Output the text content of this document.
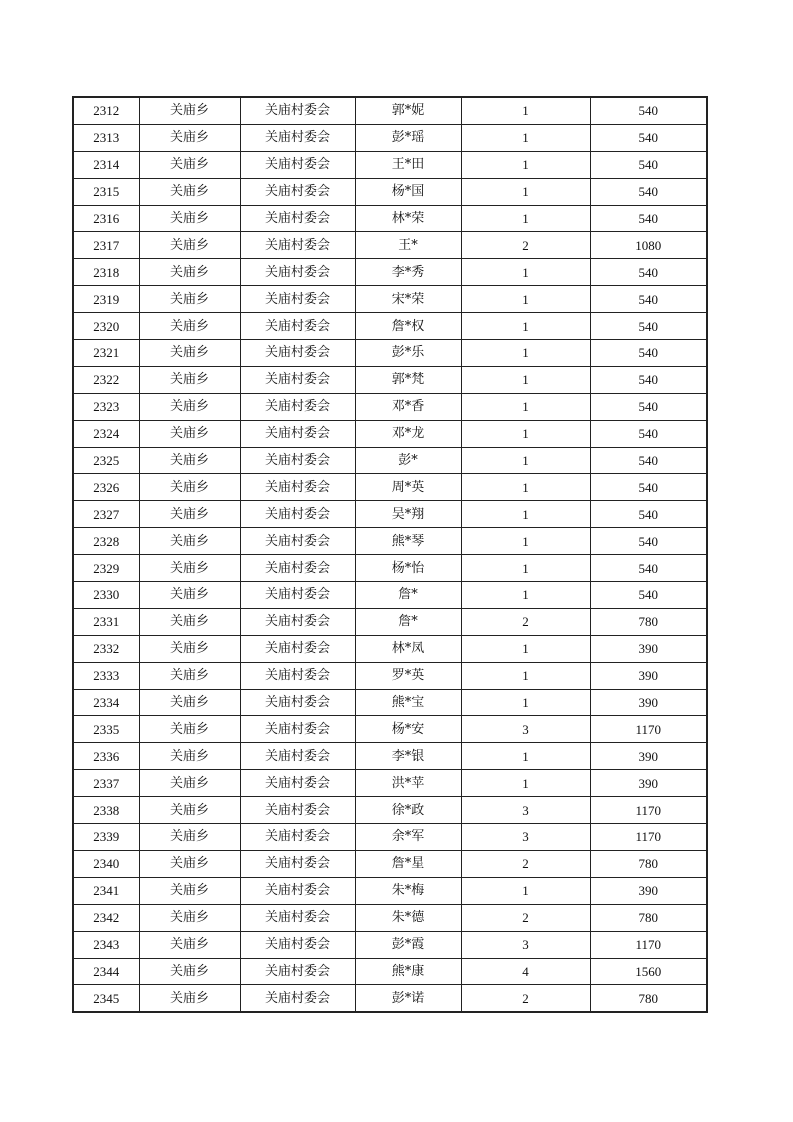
2312	关庙乡	关庙村委会	郭*妮	1	540
2313	关庙乡	关庙村委会	彭*瑶	1	540
2314	关庙乡	关庙村委会	王*田	1	540
2315	关庙乡	关庙村委会	杨*国	1	540
2316	关庙乡	关庙村委会	林*荣	1	540
2317	关庙乡	关庙村委会	王*	2	1080
2318	关庙乡	关庙村委会	李*秀	1	540
2319	关庙乡	关庙村委会	宋*荣	1	540
2320	关庙乡	关庙村委会	詹*权	1	540
2321	关庙乡	关庙村委会	彭*乐	1	540
2322	关庙乡	关庙村委会	郭*梵	1	540
2323	关庙乡	关庙村委会	邓*香	1	540
2324	关庙乡	关庙村委会	邓*龙	1	540
2325	关庙乡	关庙村委会	彭*	1	540
2326	关庙乡	关庙村委会	周*英	1	540
2327	关庙乡	关庙村委会	吴*翔	1	540
2328	关庙乡	关庙村委会	熊*琴	1	540
2329	关庙乡	关庙村委会	杨*怡	1	540
2330	关庙乡	关庙村委会	詹*	1	540
2331	关庙乡	关庙村委会	詹*	2	780
2332	关庙乡	关庙村委会	林*凤	1	390
2333	关庙乡	关庙村委会	罗*英	1	390
2334	关庙乡	关庙村委会	熊*宝	1	390
2335	关庙乡	关庙村委会	杨*安	3	1170
2336	关庙乡	关庙村委会	李*银	1	390
2337	关庙乡	关庙村委会	洪*苹	1	390
2338	关庙乡	关庙村委会	徐*政	3	1170
2339	关庙乡	关庙村委会	余*军	3	1170
2340	关庙乡	关庙村委会	詹*星	2	780
2341	关庙乡	关庙村委会	朱*梅	1	390
2342	关庙乡	关庙村委会	朱*德	2	780
2343	关庙乡	关庙村委会	彭*霞	3	1170
2344	关庙乡	关庙村委会	熊*康	4	1560
2345	关庙乡	关庙村委会	彭*诺	2	780
